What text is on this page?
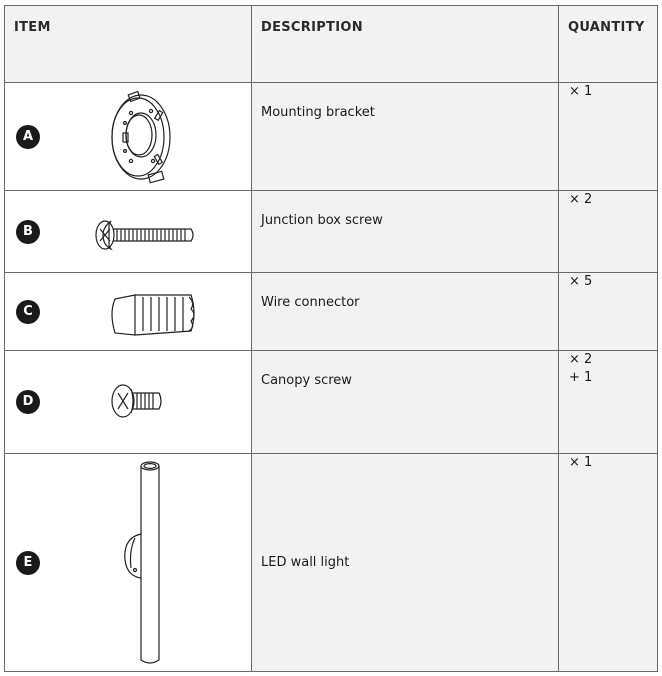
ITEM	DESCRIPTION	QUANTITY

A	Mounting bracket	× 1

B	Junction box screw	× 2

C	Wire connector	× 5

D	Canopy screw	× 2
+ 1

E	LED wall light	× 1
